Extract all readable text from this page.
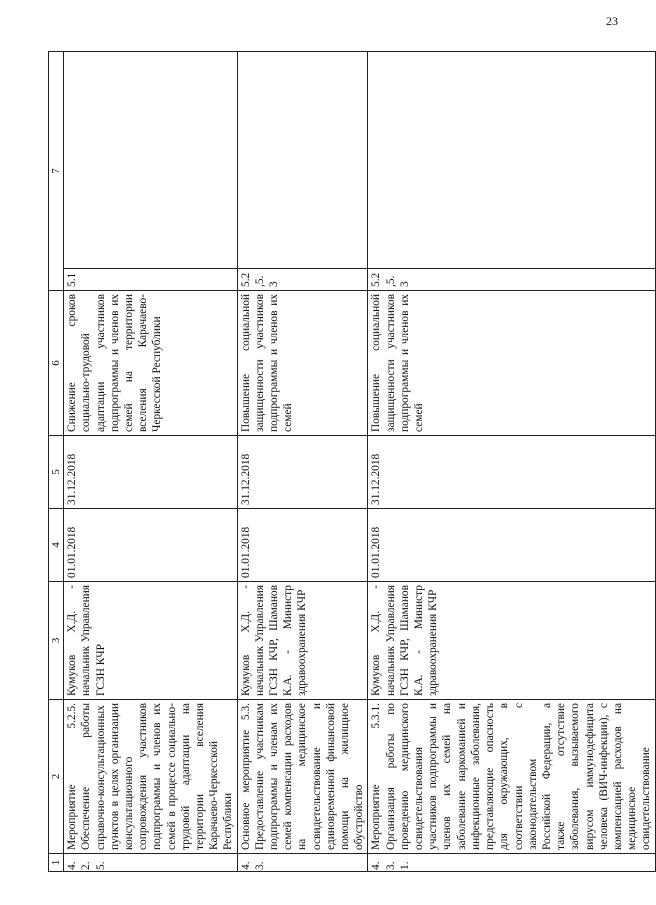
23
1	2	3	4	5	6	7	
4.2.5.	Мероприятие 5.2.5. Обеспечение работы справочно-консультационных пунктов в целях организации консультационного сопровождения участников подпрограммы и членов их семей в процессе социально-трудовой адаптации на территории вселения Карачаево-Черкесской Республики	Кумуков Х.Д. - начальник Управления ГСЗН КЧР	01.01.2018	31.12.2018	Снижение сроков социально-трудовой адаптации участников подпрограммы и членов их семей на территории вселения Карачаево-Черкесской Республики	5.1	
4.3.	Основное мероприятие 5.3. Предоставление участникам подпрограммы и членам их семей компенсации расходов на медицинское освидетельствование и единовременной финансовой помощи на жилищное обустройство	Кумуков Х.Д. - начальник Управления ГСЗН КЧР, Шаманов К.А. - Министр здравоохранения КЧР	01.01.2018	31.12.2018	Повышение социальной защищенности участников подпрограммы и членов их семей	5.2,5.3	
4.3.1.	Мероприятие 5.3.1. Организация работы по проведению медицинского освидетельствования участников подпрограммы и членов их семей на заболевание наркоманией и инфекционные заболевания, представляющие опасность для окружающих, в соответствии с законодательством Российской Федерации, а также отсутствие заболевания, вызываемого вирусом иммунодефицита человека (ВИЧ-инфекции), с компенсацией расходов на медицинское освидетельствование	Кумуков Х.Д. - начальник Управления ГСЗН КЧР, Шаманов К.А. - Министр здравоохранения КЧР	01.01.2018	31.12.2018	Повышение социальной защищенности участников подпрограммы и членов их семей	5.2,5.3	
